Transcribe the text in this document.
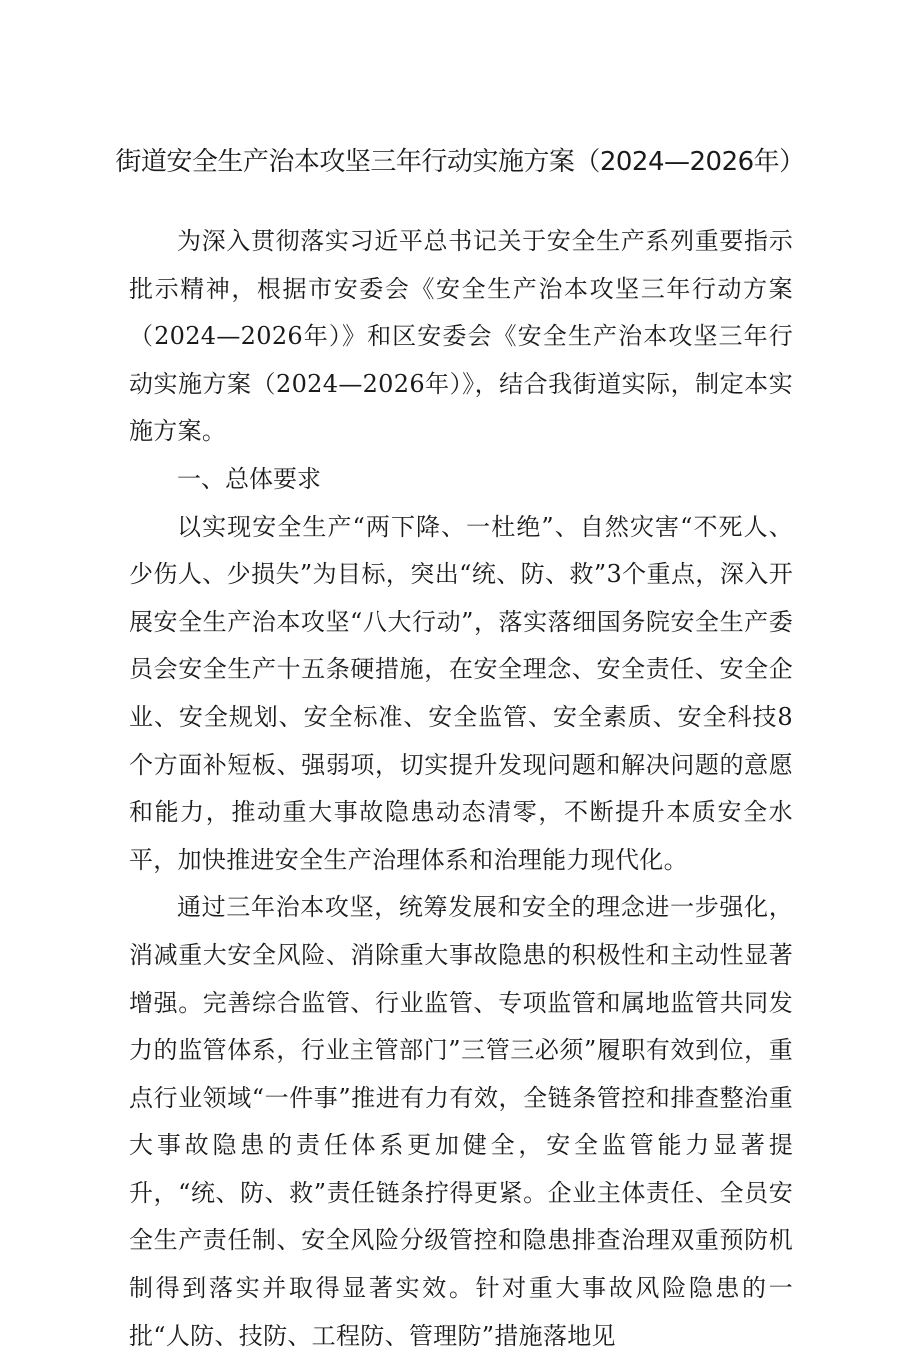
街道安全生产治本攻坚三年行动实施方案（2024—2026年）

为深入贯彻落实习近平总书记关于安全生产系列重要指示批示精神，根据市安委会《安全生产治本攻坚三年行动方案（2024—2026年）》和区安委会《安全生产治本攻坚三年行动实施方案（2024—2026年）》，结合我街道实际，制定本实施方案。

一、总体要求

以实现安全生产“两下降、一杜绝”、自然灾害“不死人、少伤人、少损失”为目标，突出“统、防、救”3个重点，深入开展安全生产治本攻坚“八大行动”，落实落细国务院安全生产委员会安全生产十五条硬措施，在安全理念、安全责任、安全企业、安全规划、安全标准、安全监管、安全素质、安全科技8个方面补短板、强弱项，切实提升发现问题和解决问题的意愿和能力，推动重大事故隐患动态清零，不断提升本质安全水平，加快推进安全生产治理体系和治理能力现代化。

通过三年治本攻坚，统筹发展和安全的理念进一步强化，消减重大安全风险、消除重大事故隐患的积极性和主动性显著增强。完善综合监管、行业监管、专项监管和属地监管共同发力的监管体系，行业主管部门”三管三必须”履职有效到位，重点行业领域“一件事”推进有力有效，全链条管控和排查整治重大事故隐患的责任体系更加健全，安全监管能力显著提升，“统、防、救”责任链条拧得更紧。企业主体责任、全员安全生产责任制、安全风险分级管控和隐患排查治理双重预防机制得到落实并取得显著实效。针对重大事故风险隐患的一批“人防、技防、工程防、管理防”措施落地见
